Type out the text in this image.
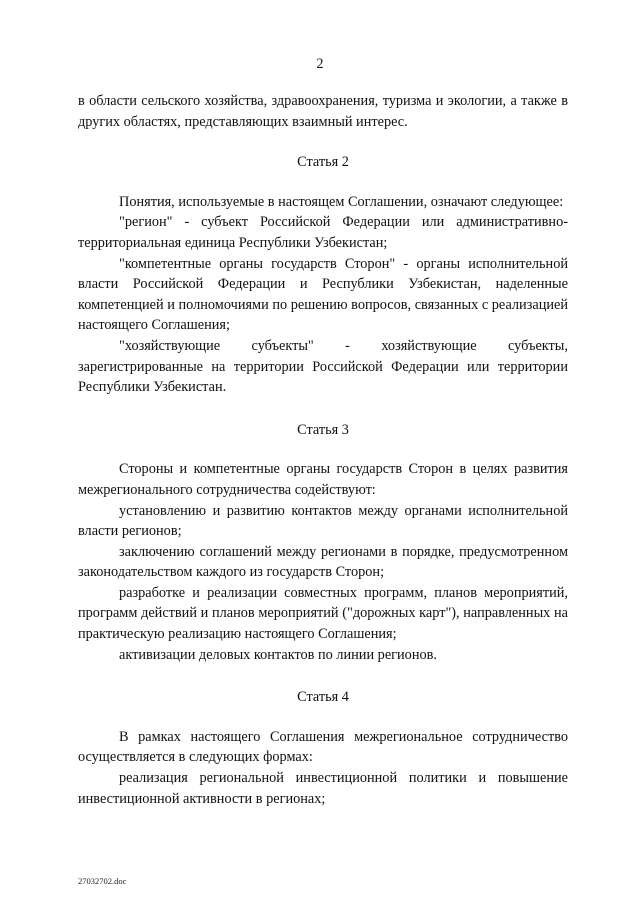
2

в области сельского хозяйства, здравоохранения, туризма и экологии, а также в других областях, представляющих взаимный интерес.

Статья 2

Понятия, используемые в настоящем Соглашении, означают следующее:

"регион" - субъект Российской Федерации или административно-территориальная единица Республики Узбекистан;

"компетентные органы государств Сторон" - органы исполнительной власти Российской Федерации и Республики Узбекистан, наделенные компетенцией и полномочиями по решению вопросов, связанных с реализацией настоящего Соглашения;

"хозяйствующие субъекты" - хозяйствующие субъекты, зарегистрированные на территории Российской Федерации или территории Республики Узбекистан.

Статья 3

Стороны и компетентные органы государств Сторон в целях развития межрегионального сотрудничества содействуют:

установлению и развитию контактов между органами исполнительной власти регионов;

заключению соглашений между регионами в порядке, предусмотренном законодательством каждого из государств Сторон;

разработке и реализации совместных программ, планов мероприятий, программ действий и планов мероприятий ("дорожных карт"), направленных на практическую реализацию настоящего Соглашения;

активизации деловых контактов по линии регионов.

Статья 4

В рамках настоящего Соглашения межрегиональное сотрудничество осуществляется в следующих формах:

реализация региональной инвестиционной политики и повышение инвестиционной активности в регионах;

27032702.doc
